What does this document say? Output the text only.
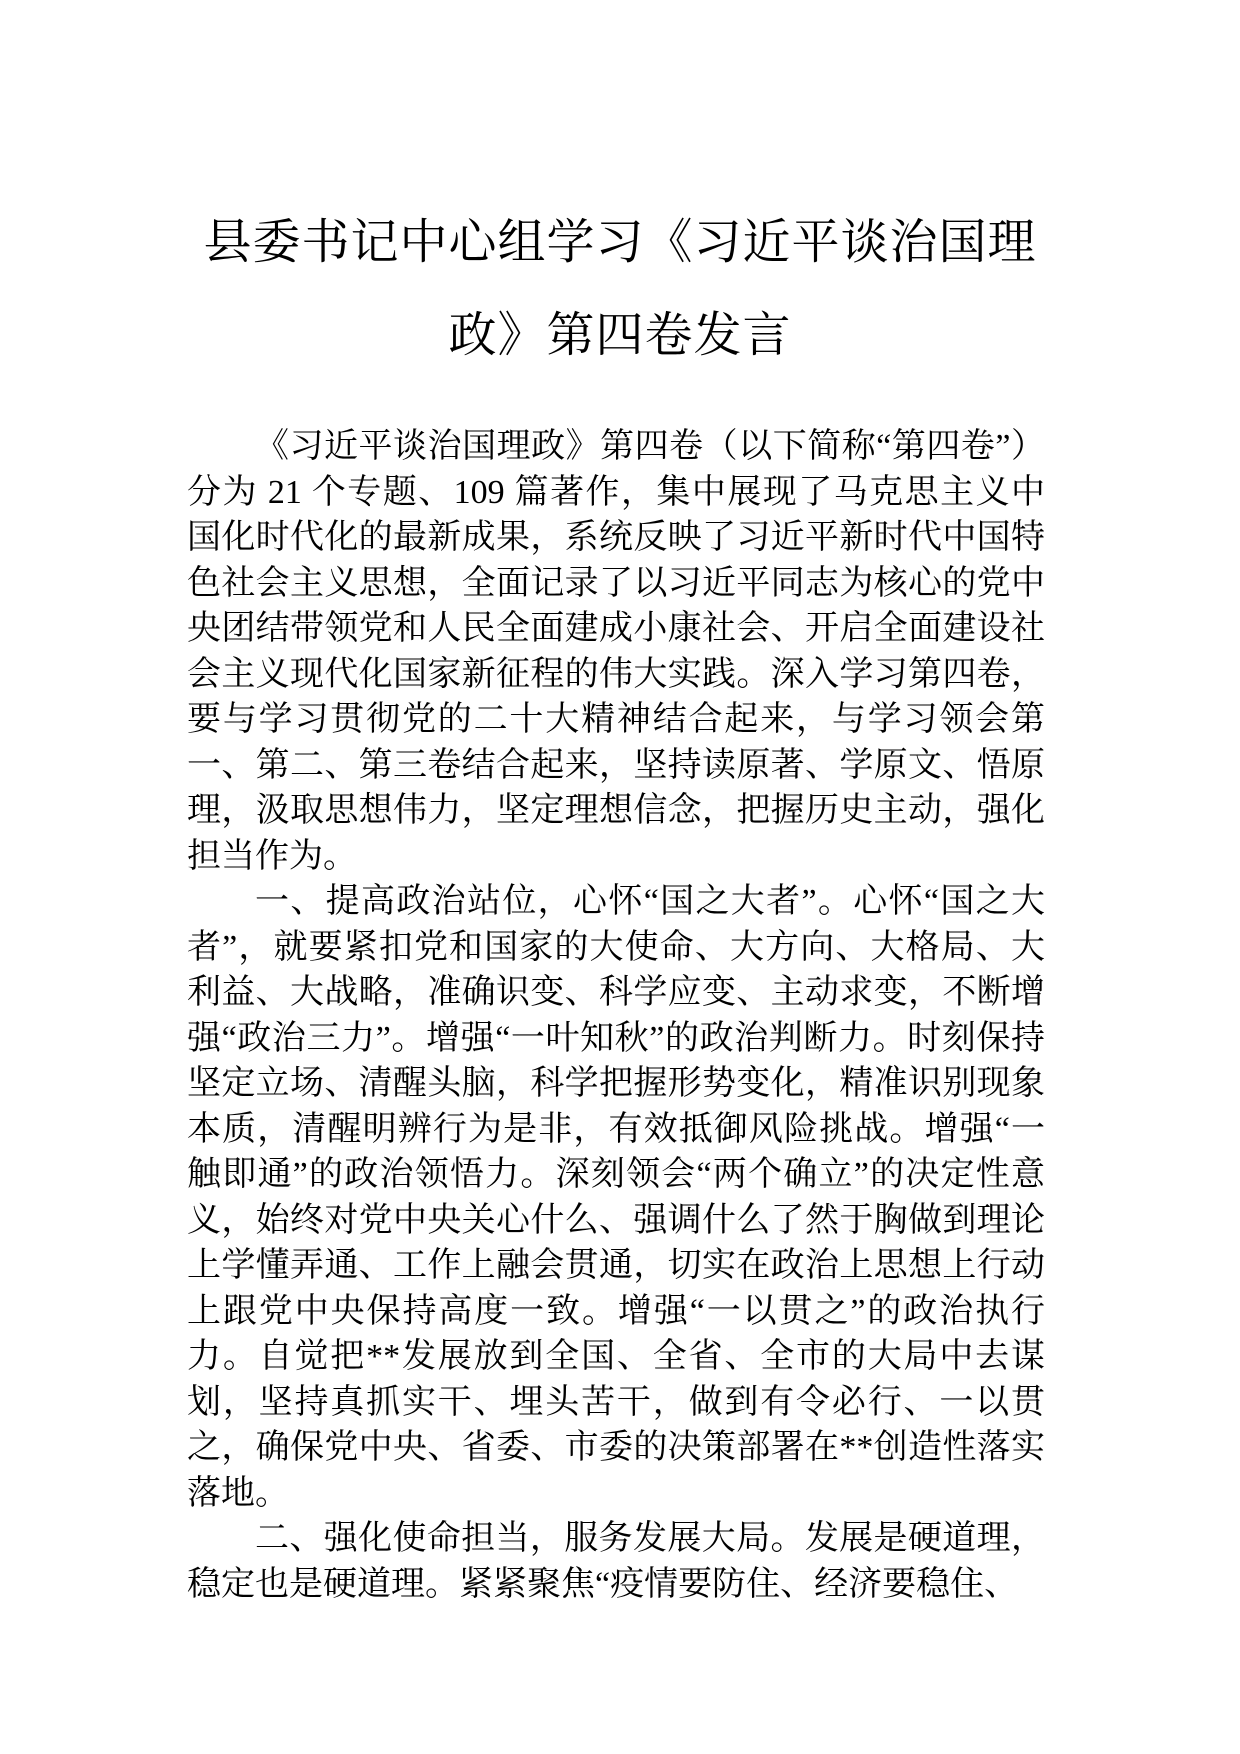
县委书记中心组学习《习近平谈治国理
政》第四卷发言

《习近平谈治国理政》第四卷（以下简称“第四卷”）分为 21 个专题、109 篇著作，集中展现了马克思主义中国化时代化的最新成果，系统反映了习近平新时代中国特色社会主义思想，全面记录了以习近平同志为核心的党中央团结带领党和人民全面建成小康社会、开启全面建设社会主义现代化国家新征程的伟大实践。深入学习第四卷，要与学习贯彻党的二十大精神结合起来，与学习领会第一、第二、第三卷结合起来，坚持读原著、学原文、悟原理，汲取思想伟力，坚定理想信念，把握历史主动，强化担当作为。

一、提高政治站位，心怀“国之大者”。心怀“国之大者”，就要紧扣党和国家的大使命、大方向、大格局、大利益、大战略，准确识变、科学应变、主动求变，不断增强“政治三力”。增强“一叶知秋”的政治判断力。时刻保持坚定立场、清醒头脑，科学把握形势变化，精准识别现象本质，清醒明辨行为是非，有效抵御风险挑战。增强“一触即通”的政治领悟力。深刻领会“两个确立”的决定性意义，始终对党中央关心什么、强调什么了然于胸做到理论上学懂弄通、工作上融会贯通，切实在政治上思想上行动上跟党中央保持高度一致。增强“一以贯之”的政治执行力。自觉把**发展放到全国、全省、全市的大局中去谋划，坚持真抓实干、埋头苦干，做到有令必行、一以贯之，确保党中央、省委、市委的决策部署在**创造性落实落地。

二、强化使命担当，服务发展大局。发展是硬道理，稳定也是硬道理。紧紧聚焦“疫情要防住、经济要稳住、
